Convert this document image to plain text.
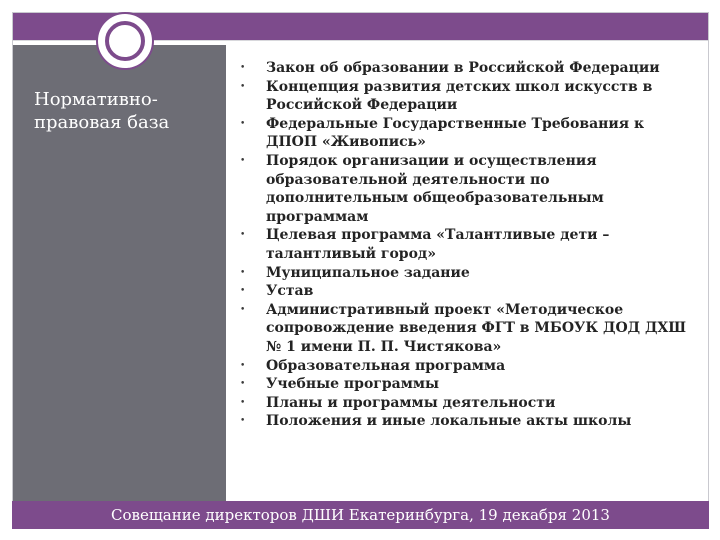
Нормативно-правовая база
• Закон об образовании в Российской Федерации
• Концепция развития детских школ искусств в Российской Федерации
• Федеральные Государственные Требования к ДПОП «Живопись»
• Порядок организации и осуществления образовательной деятельности по дополнительным общеобразовательным программам
• Целевая программа «Талантливые дети – талантливый город»
• Муниципальное задание
• Устав
• Административный проект «Методическое сопровождение введения ФГТ в МБОУК ДОД ДХШ № 1 имени П. П. Чистякова»
• Образовательная программа
• Учебные программы
• Планы и программы деятельности
• Положения и иные локальные акты школы
Совещание директоров ДШИ Екатеринбурга, 19 декабря 2013
